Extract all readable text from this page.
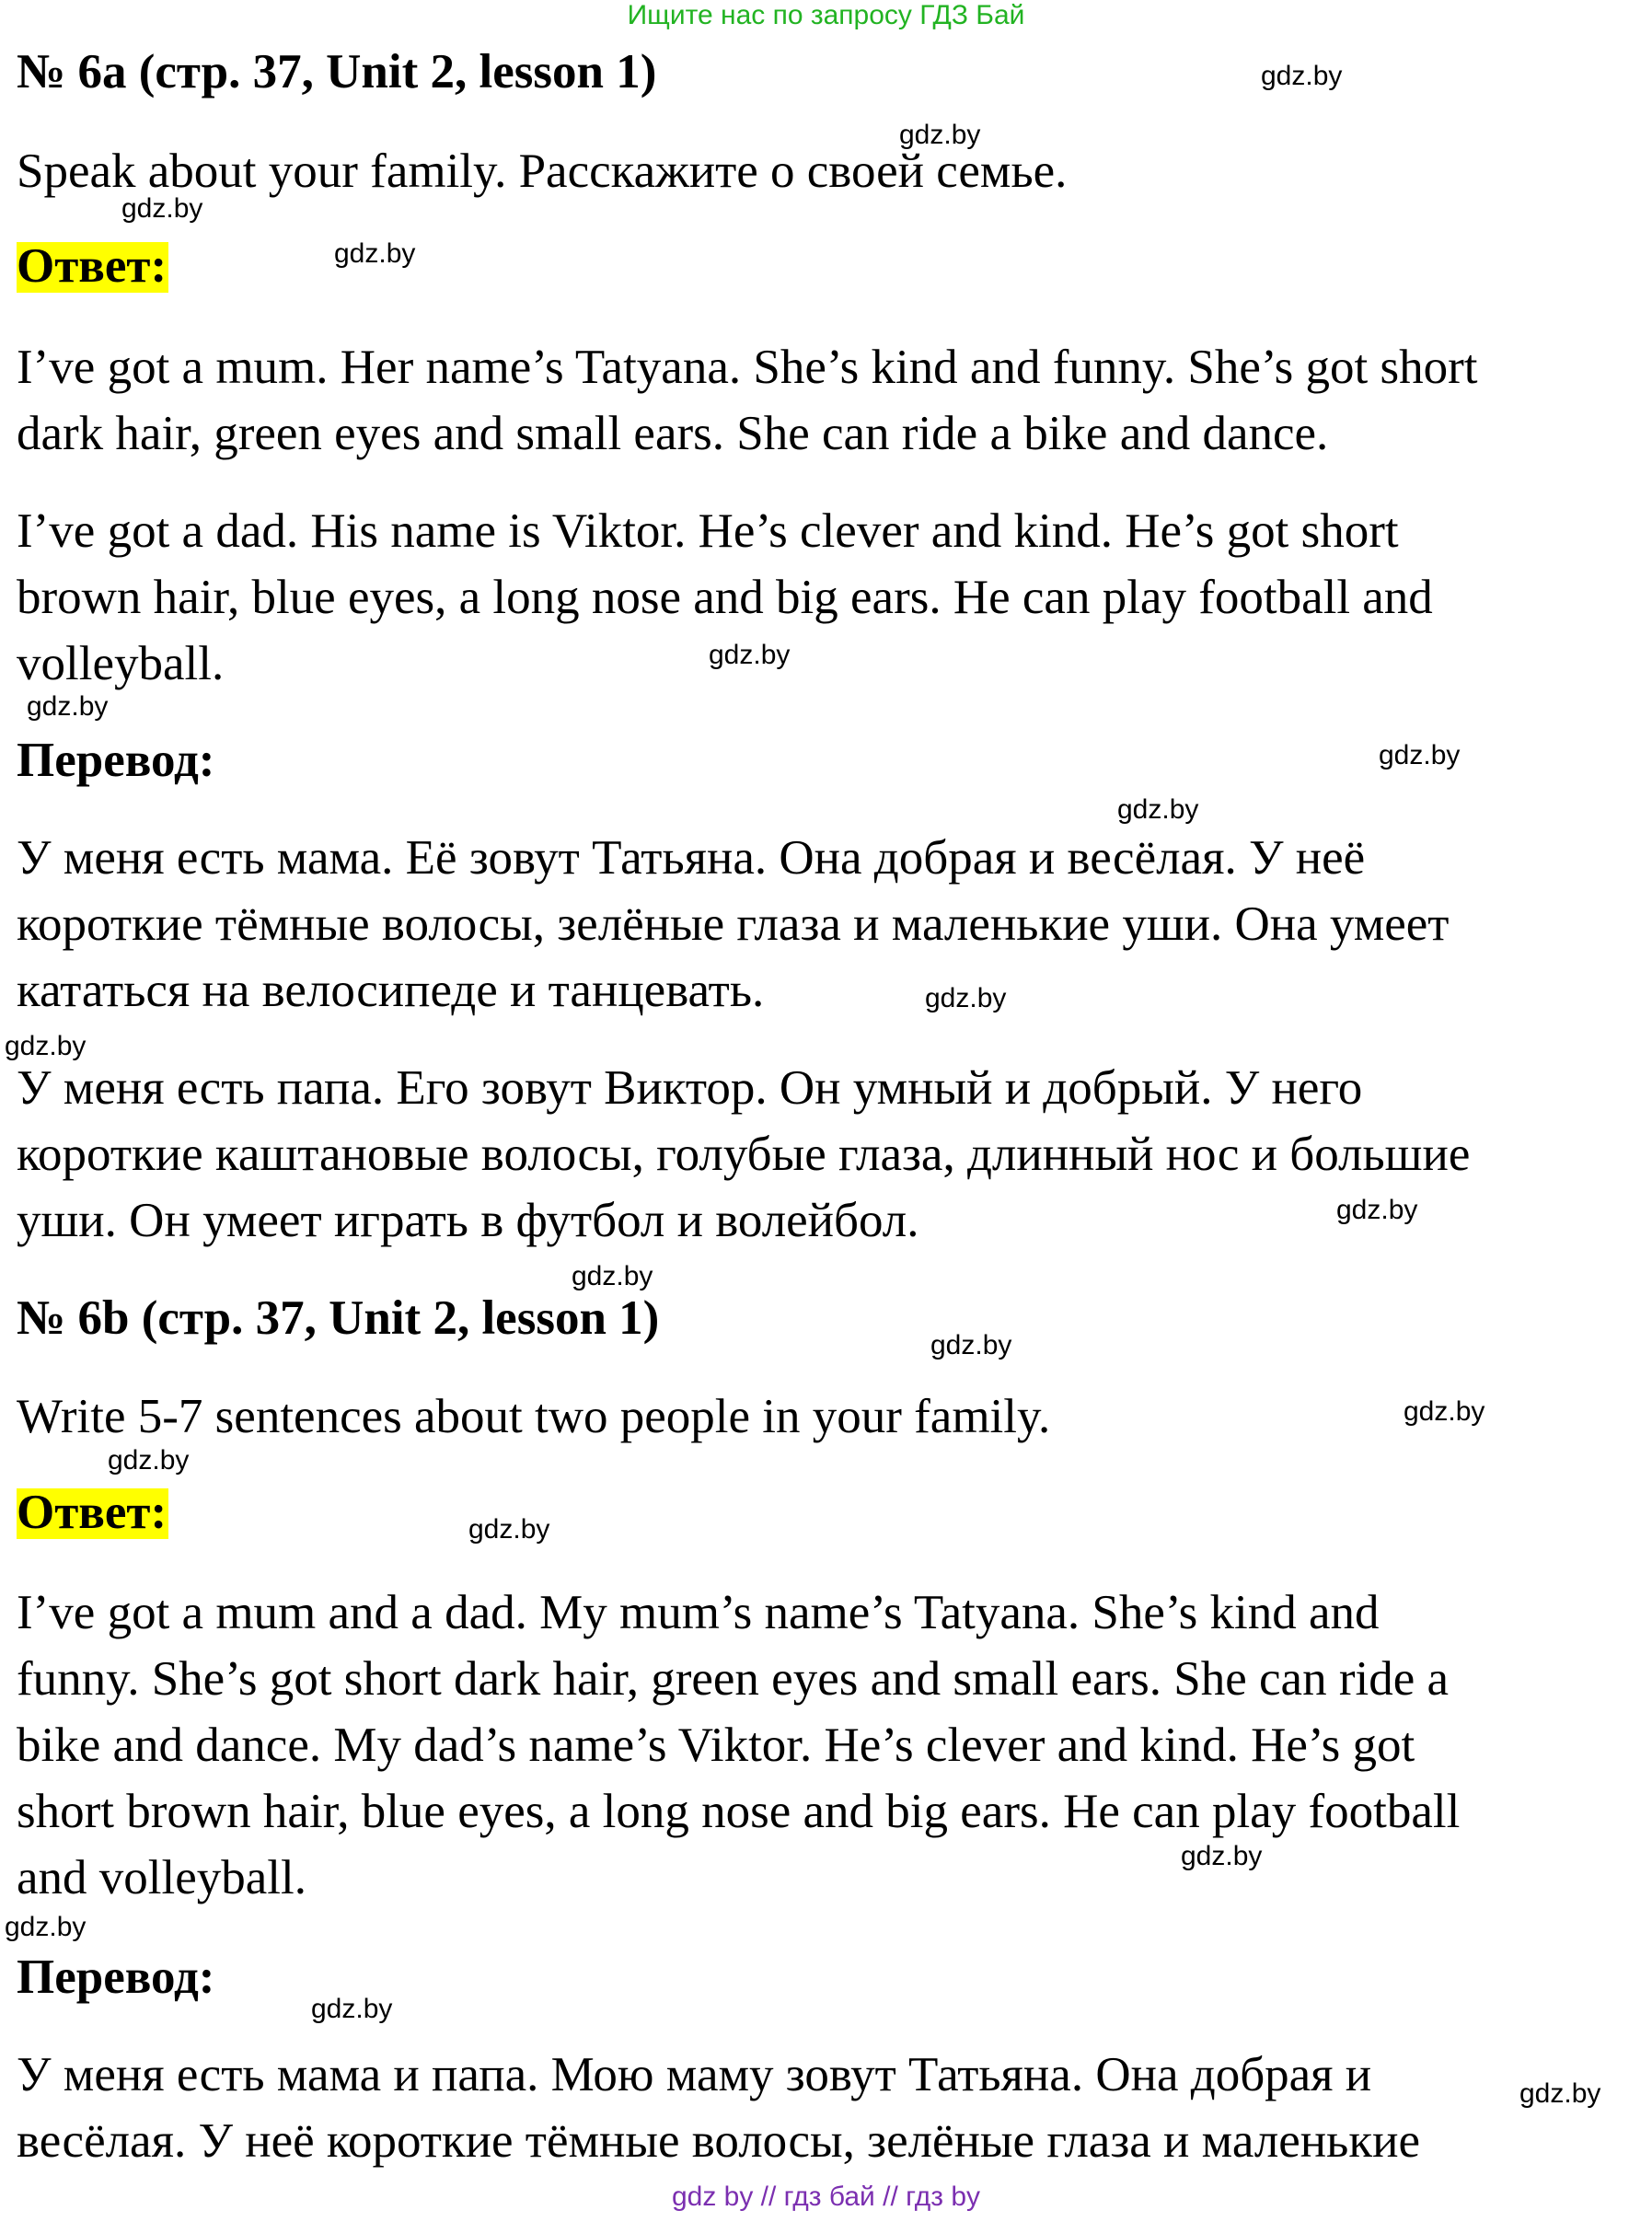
Ищите нас по запросу ГДЗ Бай
№ 6a (стр. 37, Unit 2, lesson 1)
Speak about your family. Расскажите о своей семье.
Ответ:
I’ve got a mum. Her name’s Tatyana. She’s kind and funny. She’s got short
dark hair, green eyes and small ears. She can ride a bike and dance.
I’ve got a dad. His name is Viktor. He’s clever and kind. He’s got short
brown hair, blue eyes, a long nose and big ears. He can play football and
volleyball.
Перевод:
У меня есть мама. Её зовут Татьяна. Она добрая и весёлая. У неё
короткие тёмные волосы, зелёные глаза и маленькие уши. Она умеет
кататься на велосипеде и танцевать.
У меня есть папа. Его зовут Виктор. Он умный и добрый. У него
короткие каштановые волосы, голубые глаза, длинный нос и большие
уши. Он умеет играть в футбол и волейбол.
№ 6b (стр. 37, Unit 2, lesson 1)
Write 5-7 sentences about two people in your family.
Ответ:
I’ve got a mum and a dad. My mum’s name’s Tatyana. She’s kind and
funny. She’s got short dark hair, green eyes and small ears. She can ride a
bike and dance. My dad’s name’s Viktor. He’s clever and kind. He’s got
short brown hair, blue eyes, a long nose and big ears. He can play football
and volleyball.
Перевод:
У меня есть мама и папа. Мою маму зовут Татьяна. Она добрая и
весёлая. У неё короткие тёмные волосы, зелёные глаза и маленькие
gdz.by
gdz.by
gdz.by
gdz.by
gdz.by
gdz.by
gdz.by
gdz.by
gdz.by
gdz.by
gdz.by
gdz.by
gdz.by
gdz.by
gdz.by
gdz.by
gdz.by
gdz.by
gdz.by
gdz.by
gdz by // гдз бай // гдз by
